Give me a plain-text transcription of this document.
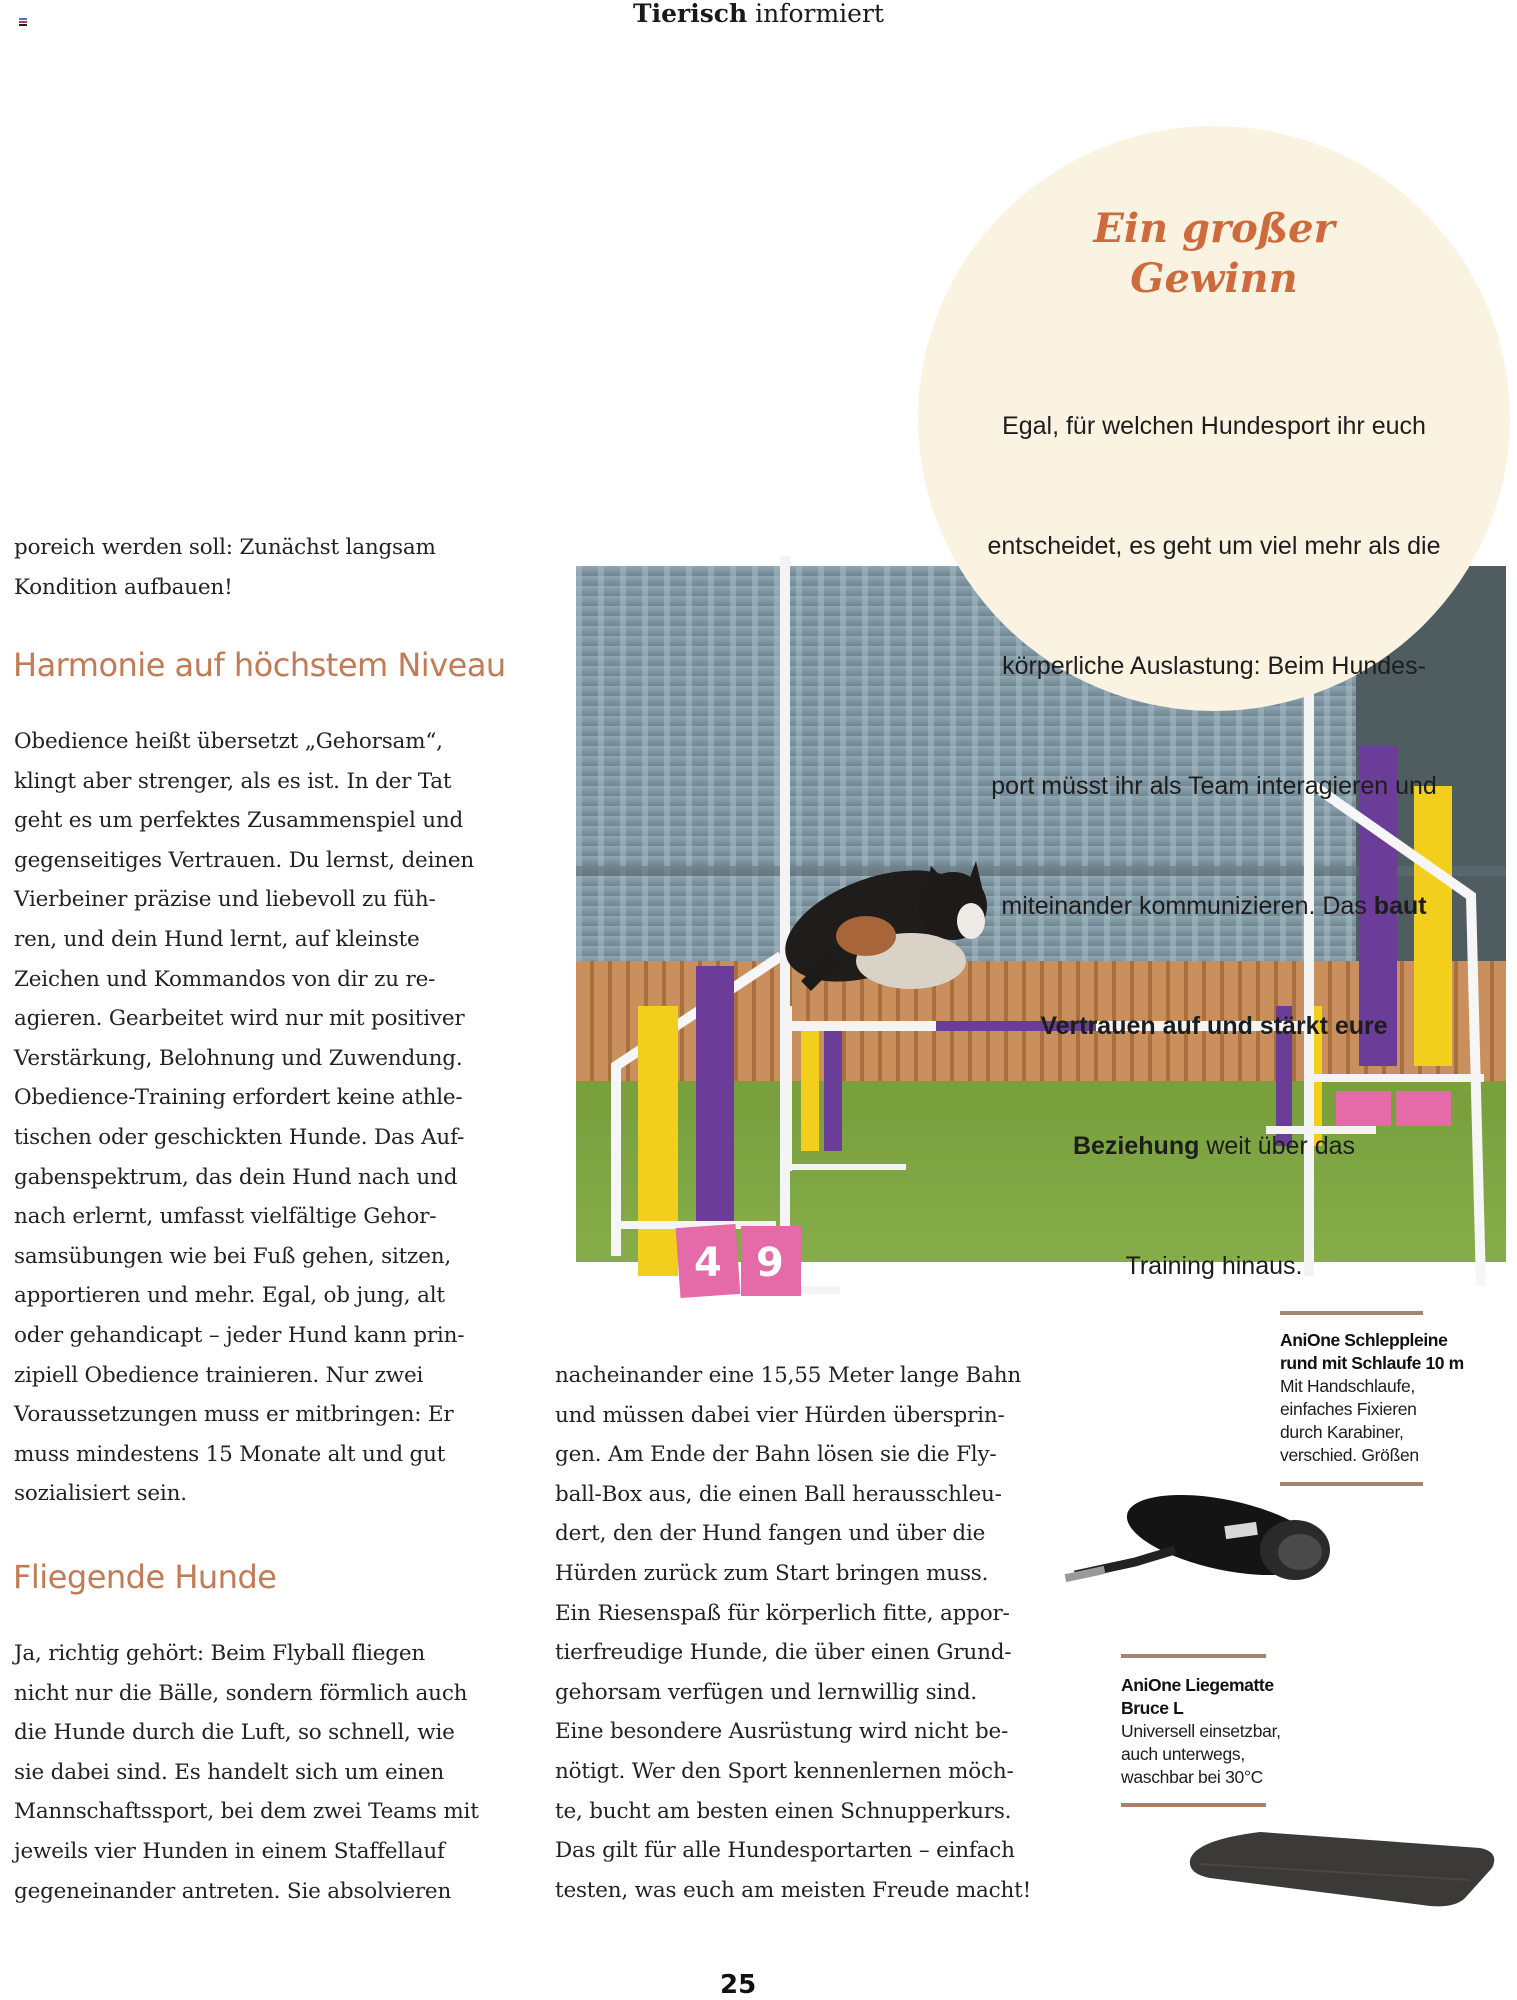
Tierisch informiert

poreich werden soll: Zunächst langsam

Kondition aufbauen!

Harmonie auf höchstem Niveau

Obedience heißt übersetzt „Gehorsam“,

klingt aber strenger, als es ist. In der Tat

geht es um perfektes Zusammenspiel und

gegenseitiges Vertrauen. Du lernst, deinen

Vierbeiner präzise und liebevoll zu füh-

ren, und dein Hund lernt, auf kleinste

Zeichen und Kommandos von dir zu re-

agieren. Gearbeitet wird nur mit positiver

Verstärkung, Belohnung und Zuwendung.

Obedience-Training erfordert keine athle-

tischen oder geschickten Hunde. Das Auf-

gabenspektrum, das dein Hund nach und

nach erlernt, umfasst vielfältige Gehor-

samsübungen wie bei Fuß gehen, sitzen,

apportieren und mehr. Egal, ob jung, alt

oder gehandicapt – jeder Hund kann prin-

zipiell Obedience trainieren. Nur zwei

Voraussetzungen muss er mitbringen: Er

muss mindestens 15 Monate alt und gut

sozialisiert sein.

Fliegende Hunde

Ja, richtig gehört: Beim Flyball fliegen

nicht nur die Bälle, sondern förmlich auch

die Hunde durch die Luft, so schnell, wie

sie dabei sind. Es handelt sich um einen

Mannschaftssport, bei dem zwei Teams mit

jeweils vier Hunden in einem Staffellauf

gegeneinander antreten. Sie absolvieren

nacheinander eine 15,55 Meter lange Bahn

und müssen dabei vier Hürden übersprin-

gen. Am Ende der Bahn lösen sie die Fly-

ball-Box aus, die einen Ball herausschleu-

dert, den der Hund fangen und über die

Hürden zurück zum Start bringen muss.

Ein Riesenspaß für körperlich fitte, appor-

tierfreudige Hunde, die über einen Grund-

gehorsam verfügen und lernwillig sind.

Eine besondere Ausrüstung wird nicht be-

nötigt. Wer den Sport kennenlernen möch-

te, bucht am besten einen Schnupperkurs.

Das gilt für alle Hundesportarten – einfach

testen, was euch am meisten Freude macht!

4 9
Ein großer
Gewinn

Egal, für welchen Hundesport ihr euch

entscheidet, es geht um viel mehr als die

körperliche Auslastung: Beim Hundes-

port müsst ihr als Team interagieren und

miteinander kommunizieren. Das baut

Vertrauen auf und stärkt eure

Beziehung weit über das

Training hinaus.

AniOne Schleppleine
rund mit Schlaufe 10 m
Mit Handschlaufe,
einfaches Fixieren
durch Karabiner,
verschied. Größen
AniOne Liegematte
Bruce L
Universell einsetzbar,
auch unterwegs,
waschbar bei 30°C
25
